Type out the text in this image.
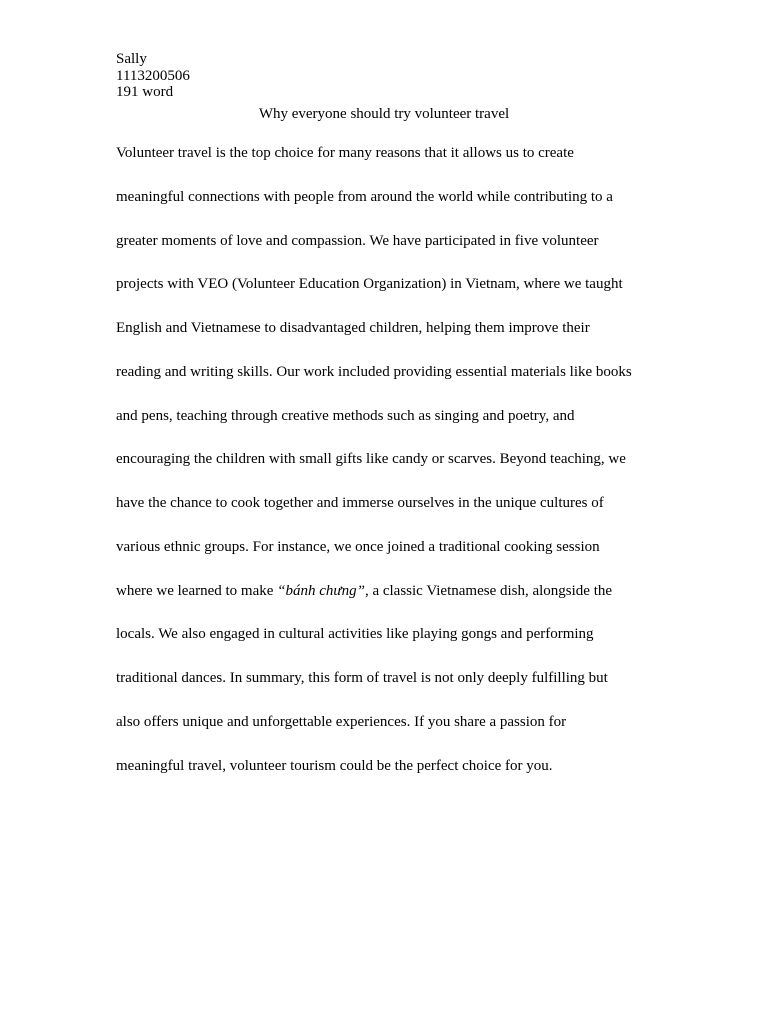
Sally
1113200506
191 word
Why everyone should try volunteer travel
Volunteer travel is the top choice for many reasons that it allows us to create
meaningful connections with people from around the world while contributing to a
greater moments of love and compassion. We have participated in five volunteer
projects with VEO (Volunteer Education Organization) in Vietnam, where we taught
English and Vietnamese to disadvantaged children, helping them improve their
reading and writing skills. Our work included providing essential materials like books
and pens, teaching through creative methods such as singing and poetry, and
encouraging the children with small gifts like candy or scarves. Beyond teaching, we
have the chance to cook together and immerse ourselves in the unique cultures of
various ethnic groups. For instance, we once joined a traditional cooking session
where we learned to make “bánh chưng”, a classic Vietnamese dish, alongside the
locals. We also engaged in cultural activities like playing gongs and performing
traditional dances. In summary, this form of travel is not only deeply fulfilling but
also offers unique and unforgettable experiences. If you share a passion for
meaningful travel, volunteer tourism could be the perfect choice for you.
